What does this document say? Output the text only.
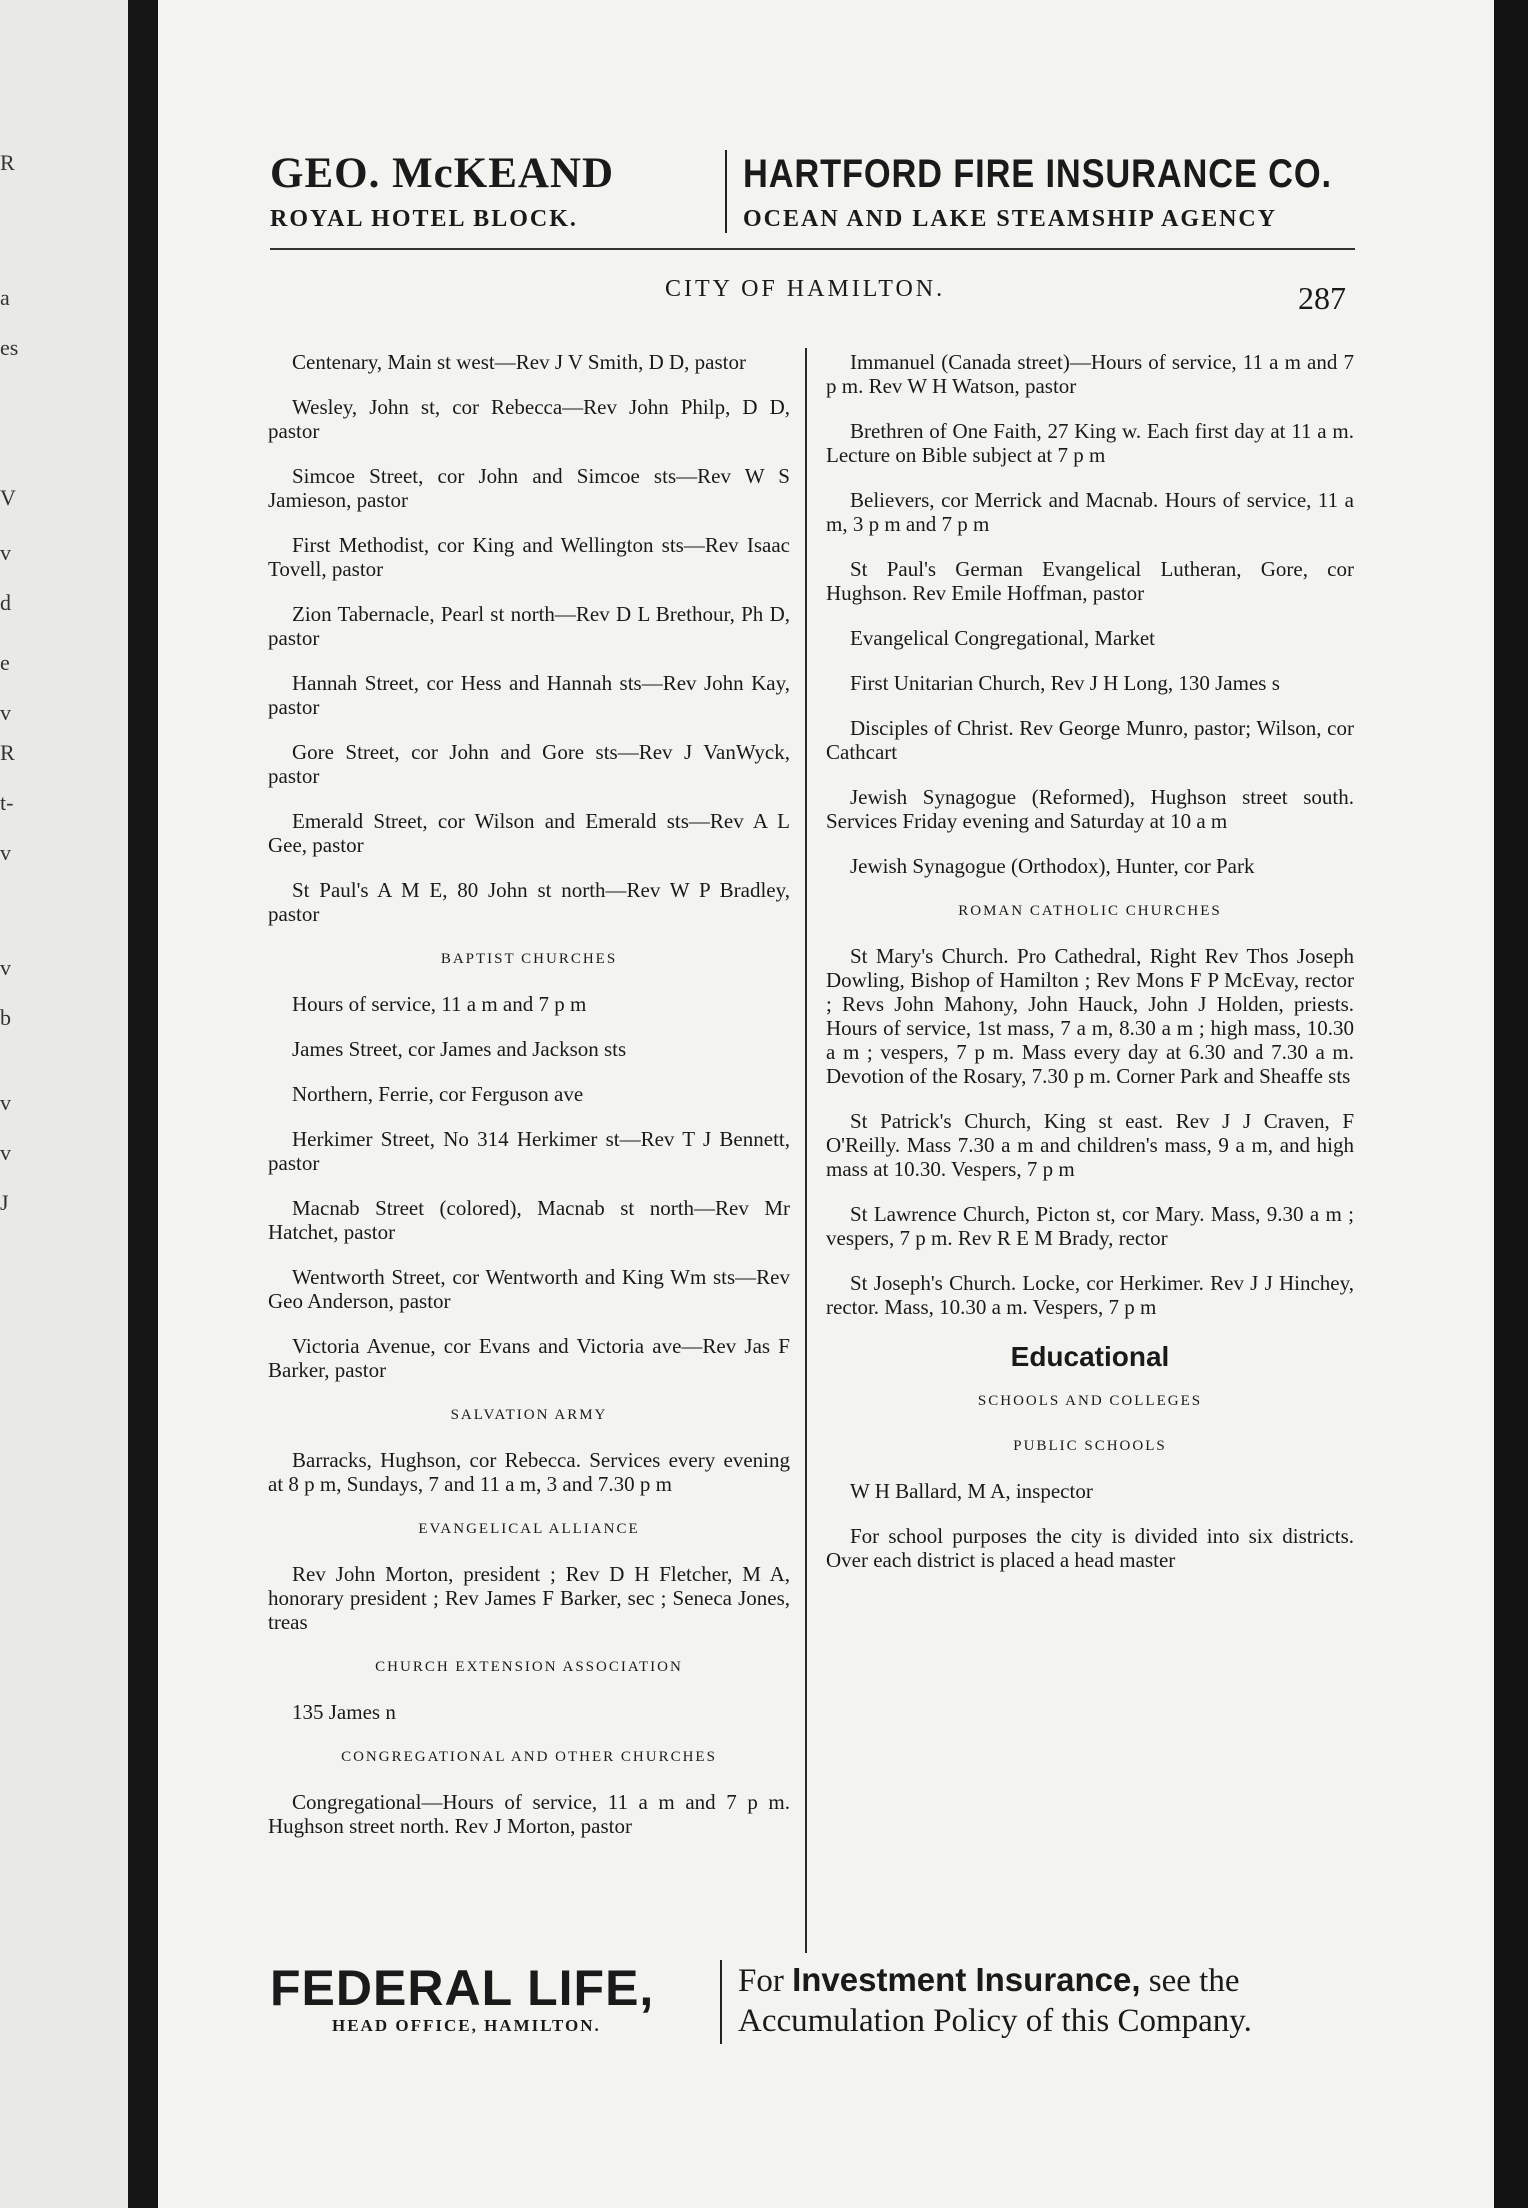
R
a
es
V
v
d
e
v
R
t-
v
v
b
v
v
J
GEO. McKEAND
ROYAL HOTEL BLOCK.
HARTFORD FIRE INSURANCE CO.
OCEAN AND LAKE STEAMSHIP AGENCY
CITY OF HAMILTON.	287
Centenary, Main st west—Rev J V Smith, D D, pastor
Wesley, John st, cor Rebecca—Rev John Philp, D D, pastor
Simcoe Street, cor John and Simcoe sts—Rev W S Jamieson, pastor
First Methodist, cor King and Wellington sts—Rev Isaac Tovell, pastor
Zion Tabernacle, Pearl st north—Rev D L Brethour, Ph D, pastor
Hannah Street, cor Hess and Hannah sts—Rev John Kay, pastor
Gore Street, cor John and Gore sts—Rev J VanWyck, pastor
Emerald Street, cor Wilson and Emerald sts—Rev A L Gee, pastor
St Paul's A M E, 80 John st north—Rev W P Bradley, pastor
BAPTIST CHURCHES
Hours of service, 11 a m and 7 p m
James Street, cor James and Jackson sts
Northern, Ferrie, cor Ferguson ave
Herkimer Street, No 314 Herkimer st—Rev T J Bennett, pastor
Macnab Street (colored), Macnab st north—Rev Mr Hatchet, pastor
Wentworth Street, cor Wentworth and King Wm sts—Rev Geo Anderson, pastor
Victoria Avenue, cor Evans and Victoria ave—Rev Jas F Barker, pastor
SALVATION ARMY
Barracks, Hughson, cor Rebecca. Services every evening at 8 p m, Sundays, 7 and 11 a m, 3 and 7.30 p m
EVANGELICAL ALLIANCE
Rev John Morton, president ; Rev D H Fletcher, M A, honorary president ; Rev James F Barker, sec ; Seneca Jones, treas
CHURCH EXTENSION ASSOCIATION
135 James n
CONGREGATIONAL AND OTHER CHURCHES
Congregational—Hours of service, 11 a m and 7 p m. Hughson street north. Rev J Morton, pastor
Immanuel (Canada street)—Hours of service, 11 a m and 7 p m. Rev W H Watson, pastor
Brethren of One Faith, 27 King w. Each first day at 11 a m. Lecture on Bible subject at 7 p m
Believers, cor Merrick and Macnab. Hours of service, 11 a m, 3 p m and 7 p m
St Paul's German Evangelical Lutheran, Gore, cor Hughson. Rev Emile Hoffman, pastor
Evangelical Congregational, Market
First Unitarian Church, Rev J H Long, 130 James s
Disciples of Christ. Rev George Munro, pastor; Wilson, cor Cathcart
Jewish Synagogue (Reformed), Hughson street south. Services Friday evening and Saturday at 10 a m
Jewish Synagogue (Orthodox), Hunter, cor Park
ROMAN CATHOLIC CHURCHES
St Mary's Church. Pro Cathedral, Right Rev Thos Joseph Dowling, Bishop of Hamilton ; Rev Mons F P McEvay, rector ; Revs John Mahony, John Hauck, John J Holden, priests. Hours of service, 1st mass, 7 a m, 8.30 a m ; high mass, 10.30 a m ; vespers, 7 p m. Mass every day at 6.30 and 7.30 a m. Devotion of the Rosary, 7.30 p m. Corner Park and Sheaffe sts
St Patrick's Church, King st east. Rev J J Craven, F O'Reilly. Mass 7.30 a m and children's mass, 9 a m, and high mass at 10.30. Vespers, 7 p m
St Lawrence Church, Picton st, cor Mary. Mass, 9.30 a m ; vespers, 7 p m. Rev R E M Brady, rector
St Joseph's Church. Locke, cor Herkimer. Rev J J Hinchey, rector. Mass, 10.30 a m. Vespers, 7 p m
Educational
SCHOOLS AND COLLEGES
PUBLIC SCHOOLS
W H Ballard, M A, inspector
For school purposes the city is divided into six districts. Over each district is placed a head master
FEDERAL LIFE,
HEAD OFFICE, HAMILTON.
For Investment Insurance, see the
Accumulation Policy of this Company.
